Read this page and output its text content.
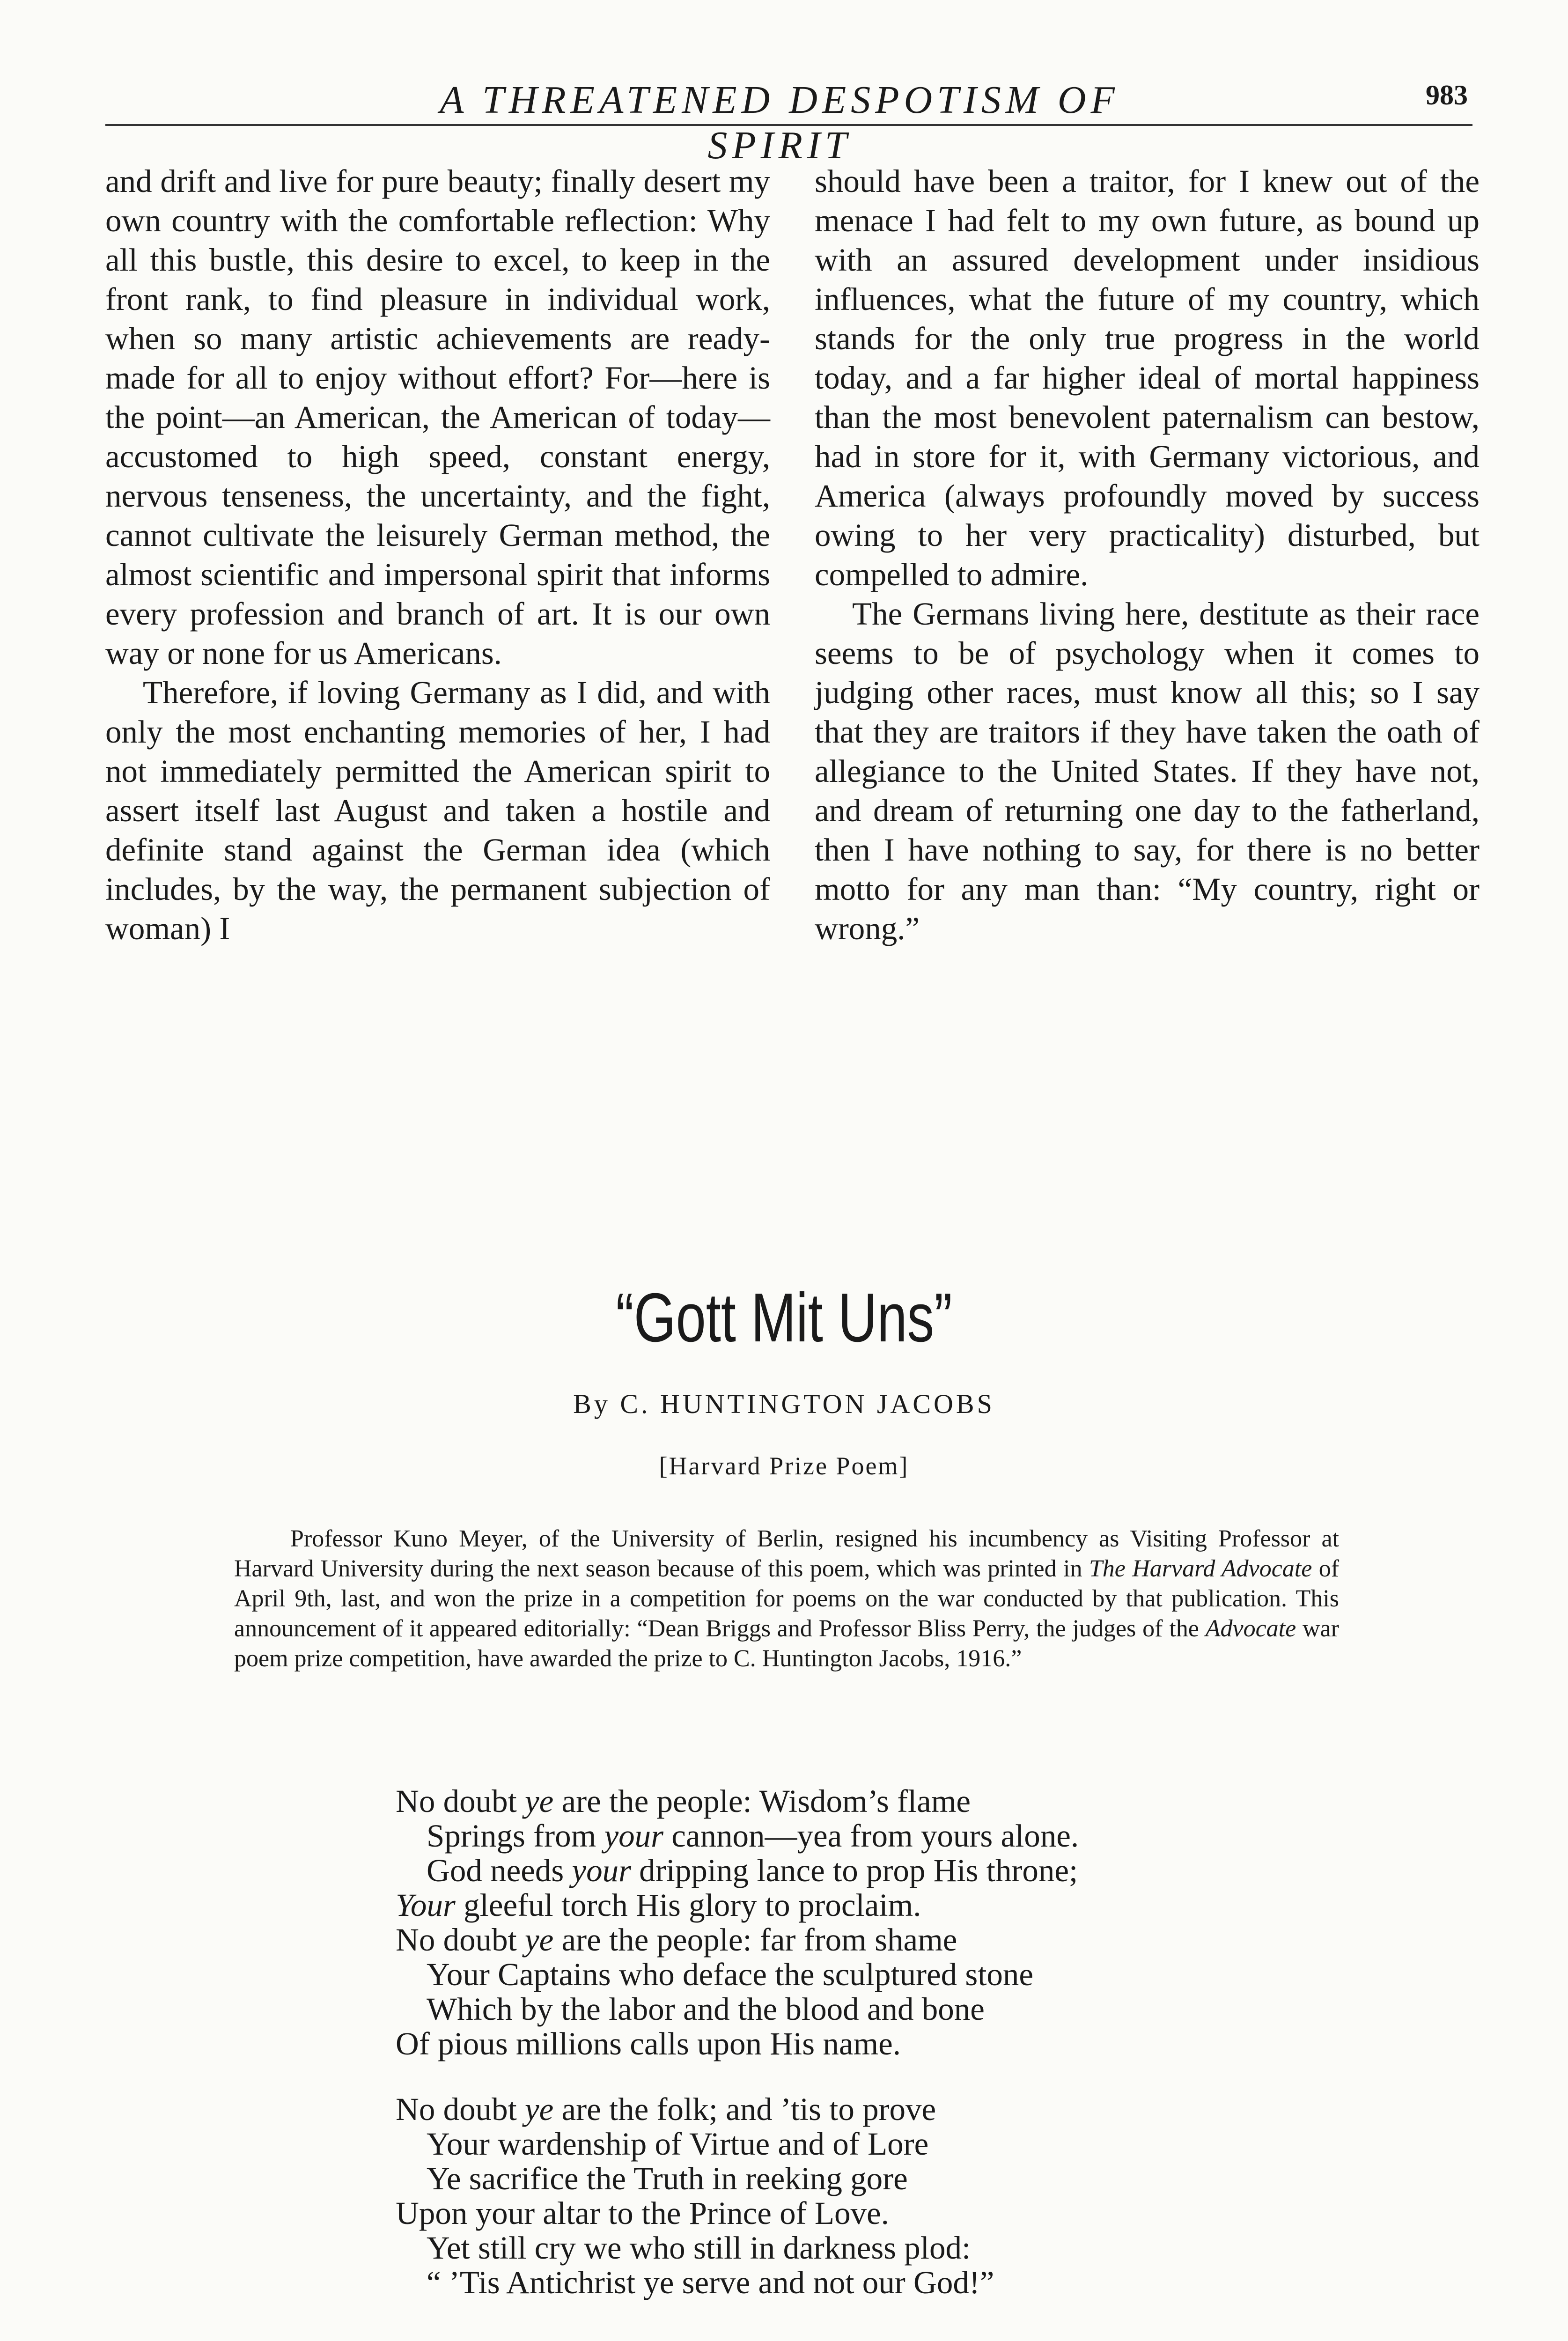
A THREATENED DESPOTISM OF SPIRIT
983

and drift and live for pure beauty; finally desert my own country with the comfortable reflection: Why all this bustle, this desire to excel, to keep in the front rank, to find pleasure in individual work, when so many artistic achievements are ready-made for all to enjoy without effort? For—here is the point—an American, the American of today—accustomed to high speed, constant energy, nervous tenseness, the uncertainty, and the fight, cannot cultivate the leisurely German method, the almost scientific and impersonal spirit that informs every profession and branch of art. It is our own way or none for us Americans.

Therefore, if loving Germany as I did, and with only the most enchanting memories of her, I had not immediately permitted the American spirit to assert itself last August and taken a hostile and definite stand against the German idea (which includes, by the way, the permanent subjection of woman) I

should have been a traitor, for I knew out of the menace I had felt to my own future, as bound up with an assured development under insidious influences, what the future of my country, which stands for the only true progress in the world today, and a far higher ideal of mortal happiness than the most benevolent paternalism can bestow, had in store for it, with Germany victorious, and America (always profoundly moved by success owing to her very practicality) disturbed, but compelled to admire.

The Germans living here, destitute as their race seems to be of psychology when it comes to judging other races, must know all this; so I say that they are traitors if they have taken the oath of allegiance to the United States. If they have not, and dream of returning one day to the fatherland, then I have nothing to say, for there is no better motto for any man than: “My country, right or wrong.”

“Gott Mit Uns”
By C. HUNTINGTON JACOBS
[Harvard Prize Poem]
Professor Kuno Meyer, of the University of Berlin, resigned his incumbency as Visiting Professor at Harvard University during the next season because of this poem, which was printed in The Harvard Advocate of April 9th, last, and won the prize in a competition for poems on the war conducted by that publication. This announcement of it appeared editorially: “Dean Briggs and Professor Bliss Perry, the judges of the Advocate war poem prize competition, have awarded the prize to C. Huntington Jacobs, 1916.”
No doubt ye are the people: Wisdom’s flame
Springs from your cannon—yea from yours alone.
God needs your dripping lance to prop His throne;
Your gleeful torch His glory to proclaim.
No doubt ye are the people: far from shame
Your Captains who deface the sculptured stone
Which by the labor and the blood and bone
Of pious millions calls upon His name.
No doubt ye are the folk; and ’tis to prove
Your wardenship of Virtue and of Lore
Ye sacrifice the Truth in reeking gore
Upon your altar to the Prince of Love.
Yet still cry we who still in darkness plod:
“ ’Tis Antichrist ye serve and not our God!”
